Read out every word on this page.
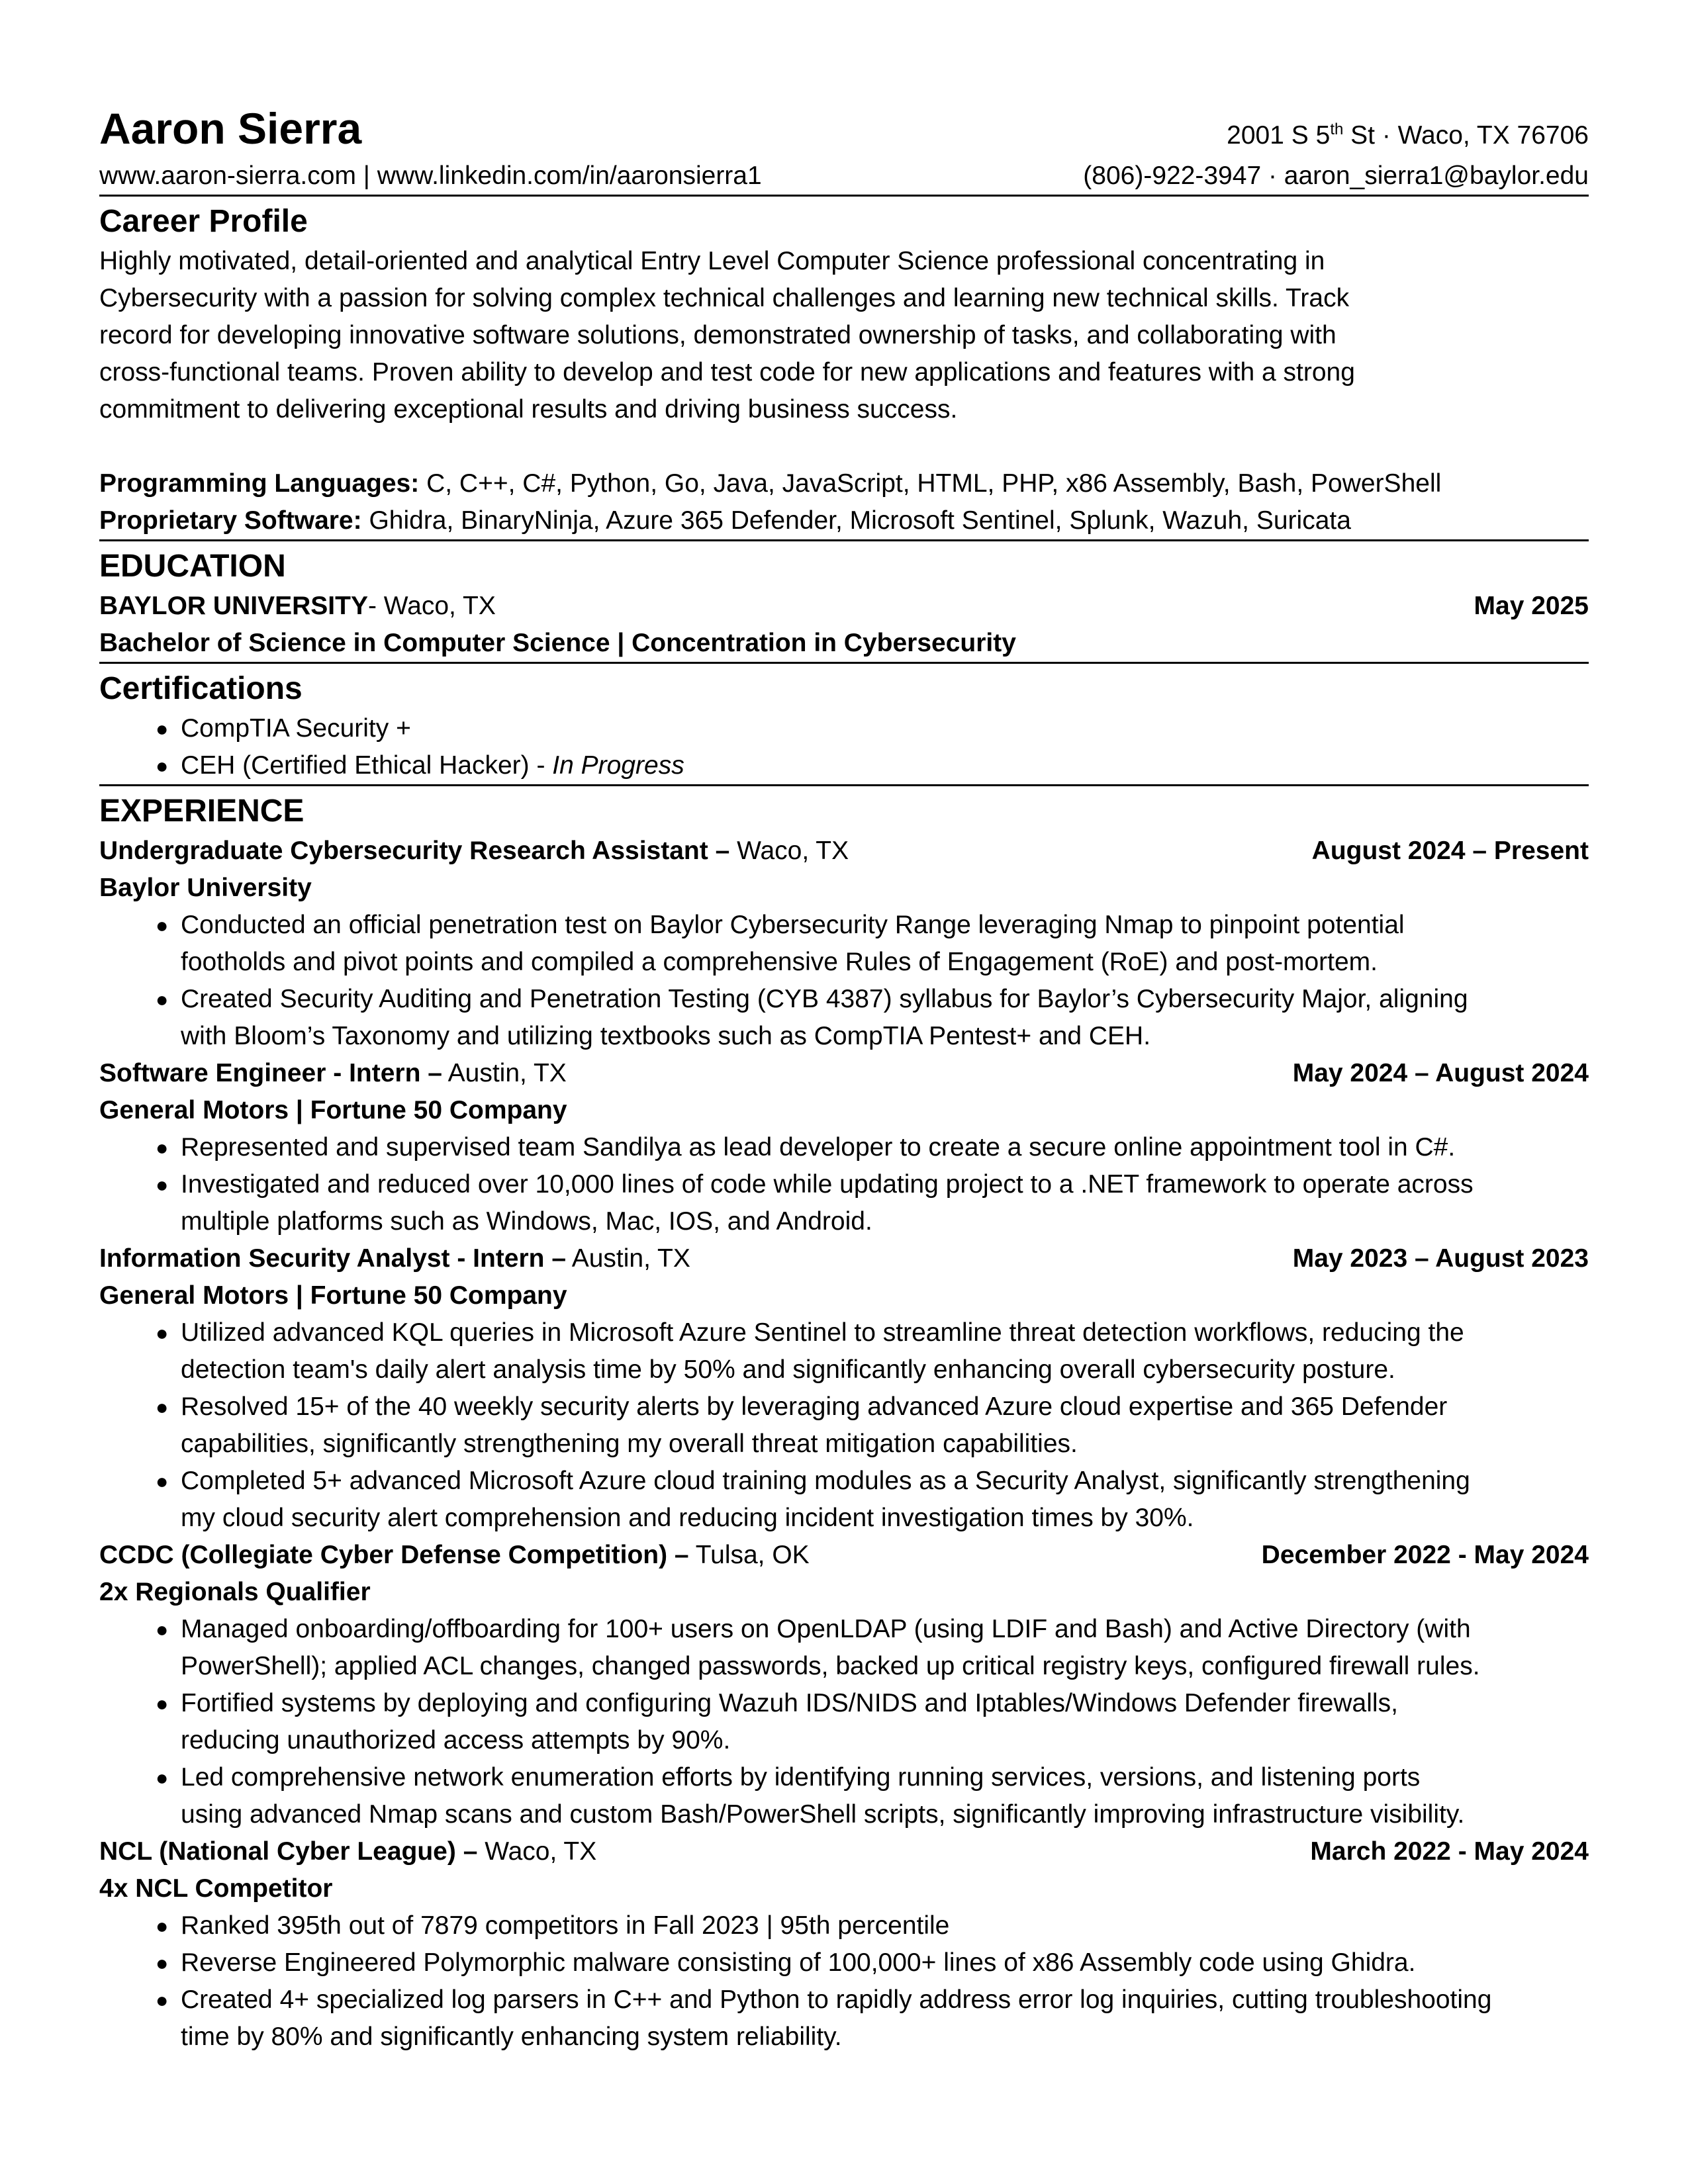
Aaron Sierra	2001 S 5th St · Waco, TX 76706
www.aaron-sierra.com | www.linkedin.com/in/aaronsierra1	(806)-922-3947 · aaron_sierra1@baylor.edu
Career Profile
Highly motivated, detail-oriented and analytical Entry Level Computer Science professional concentrating in
Cybersecurity with a passion for solving complex technical challenges and learning new technical skills. Track
record for developing innovative software solutions, demonstrated ownership of tasks, and collaborating with
cross-functional teams. Proven ability to develop and test code for new applications and features with a strong
commitment to delivering exceptional results and driving business success.
Programming Languages: C, C++, C#, Python, Go, Java, JavaScript, HTML, PHP, x86 Assembly, Bash, PowerShell
Proprietary Software: Ghidra, BinaryNinja, Azure 365 Defender, Microsoft Sentinel, Splunk, Wazuh, Suricata
EDUCATION
BAYLOR UNIVERSITY- Waco, TX	May 2025
Bachelor of Science in Computer Science | Concentration in Cybersecurity
Certifications
● CompTIA Security +
● CEH (Certified Ethical Hacker) - In Progress
EXPERIENCE
Undergraduate Cybersecurity Research Assistant – Waco, TX	August 2024 – Present
Baylor University
● Conducted an official penetration test on Baylor Cybersecurity Range leveraging Nmap to pinpoint potential
footholds and pivot points and compiled a comprehensive Rules of Engagement (RoE) and post-mortem.
● Created Security Auditing and Penetration Testing (CYB 4387) syllabus for Baylor’s Cybersecurity Major, aligning
with Bloom’s Taxonomy and utilizing textbooks such as CompTIA Pentest+ and CEH.
Software Engineer - Intern – Austin, TX	May 2024 – August 2024
General Motors | Fortune 50 Company
● Represented and supervised team Sandilya as lead developer to create a secure online appointment tool in C#.
● Investigated and reduced over 10,000 lines of code while updating project to a .NET framework to operate across
multiple platforms such as Windows, Mac, IOS, and Android.
Information Security Analyst - Intern – Austin, TX	May 2023 – August 2023
General Motors | Fortune 50 Company
● Utilized advanced KQL queries in Microsoft Azure Sentinel to streamline threat detection workflows, reducing the
detection team's daily alert analysis time by 50% and significantly enhancing overall cybersecurity posture.
● Resolved 15+ of the 40 weekly security alerts by leveraging advanced Azure cloud expertise and 365 Defender
capabilities, significantly strengthening my overall threat mitigation capabilities.
● Completed 5+ advanced Microsoft Azure cloud training modules as a Security Analyst, significantly strengthening
my cloud security alert comprehension and reducing incident investigation times by 30%.
CCDC (Collegiate Cyber Defense Competition) – Tulsa, OK	December 2022 - May 2024
2x Regionals Qualifier
● Managed onboarding/offboarding for 100+ users on OpenLDAP (using LDIF and Bash) and Active Directory (with
PowerShell); applied ACL changes, changed passwords, backed up critical registry keys, configured firewall rules.
● Fortified systems by deploying and configuring Wazuh IDS/NIDS and Iptables/Windows Defender firewalls,
reducing unauthorized access attempts by 90%.
● Led comprehensive network enumeration efforts by identifying running services, versions, and listening ports
using advanced Nmap scans and custom Bash/PowerShell scripts, significantly improving infrastructure visibility.
NCL (National Cyber League) – Waco, TX	March 2022 - May 2024
4x NCL Competitor
● Ranked 395th out of 7879 competitors in Fall 2023 | 95th percentile
● Reverse Engineered Polymorphic malware consisting of 100,000+ lines of x86 Assembly code using Ghidra.
● Created 4+ specialized log parsers in C++ and Python to rapidly address error log inquiries, cutting troubleshooting
time by 80% and significantly enhancing system reliability.
